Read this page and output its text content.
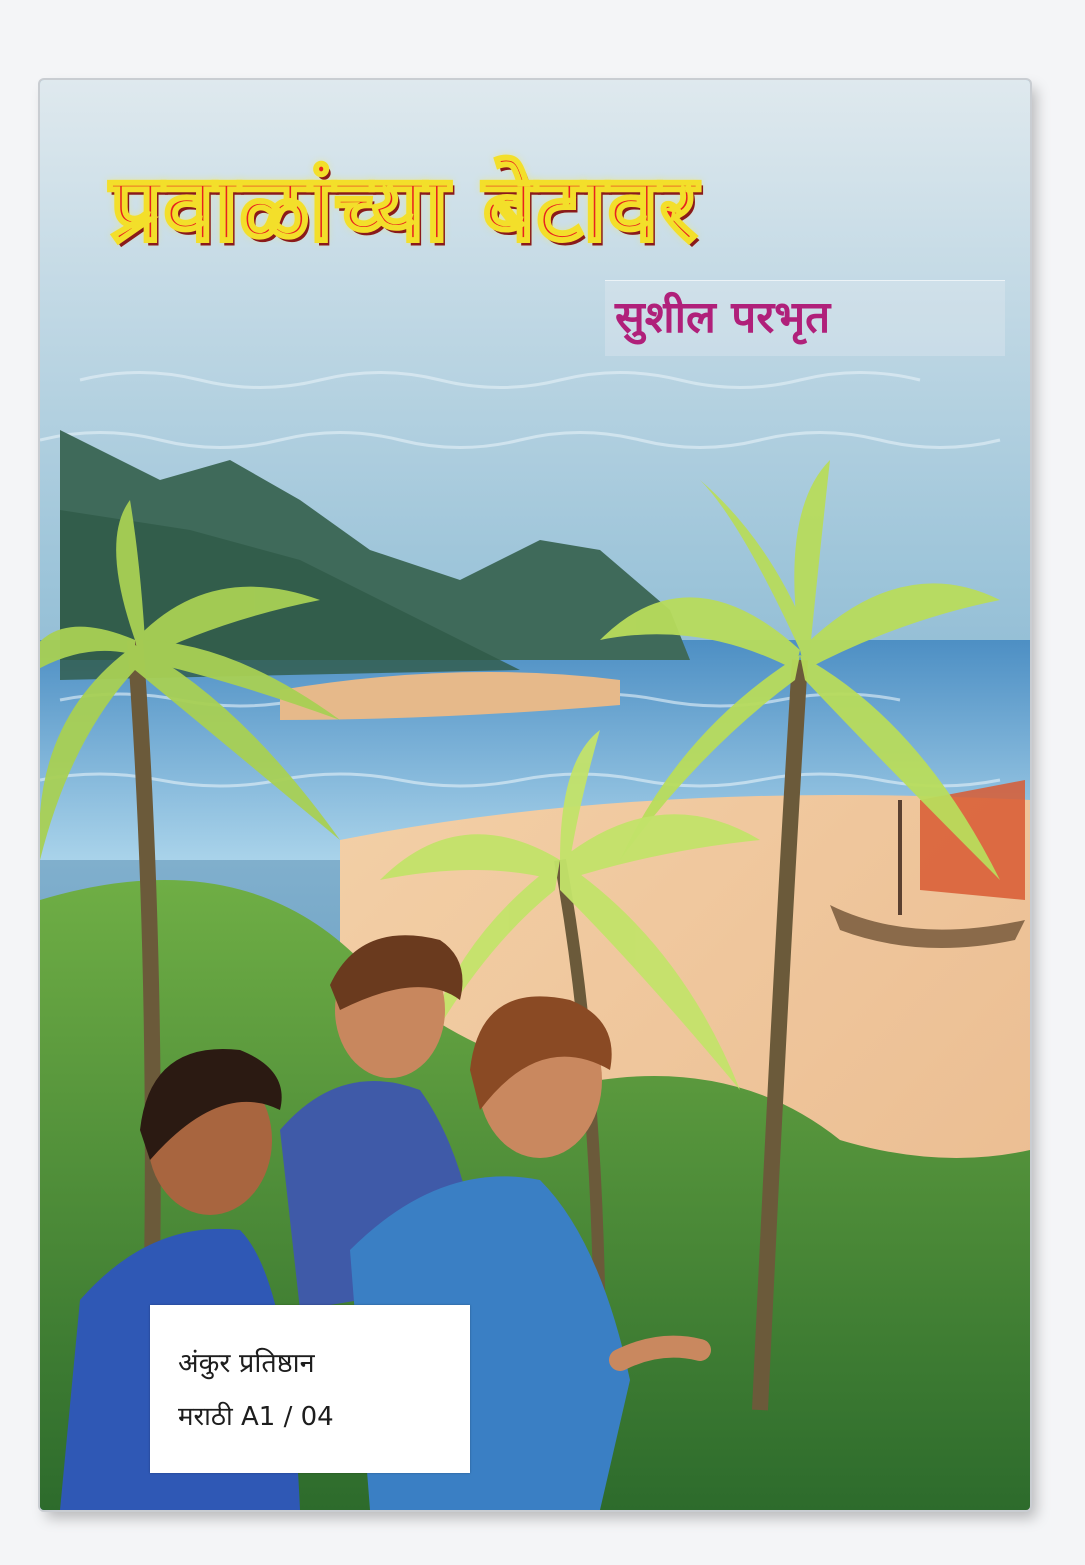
प्रवाळांच्या बेटावर

सुशील परभृत

अंकुर प्रतिष्ठान
मराठी A1 / 04
